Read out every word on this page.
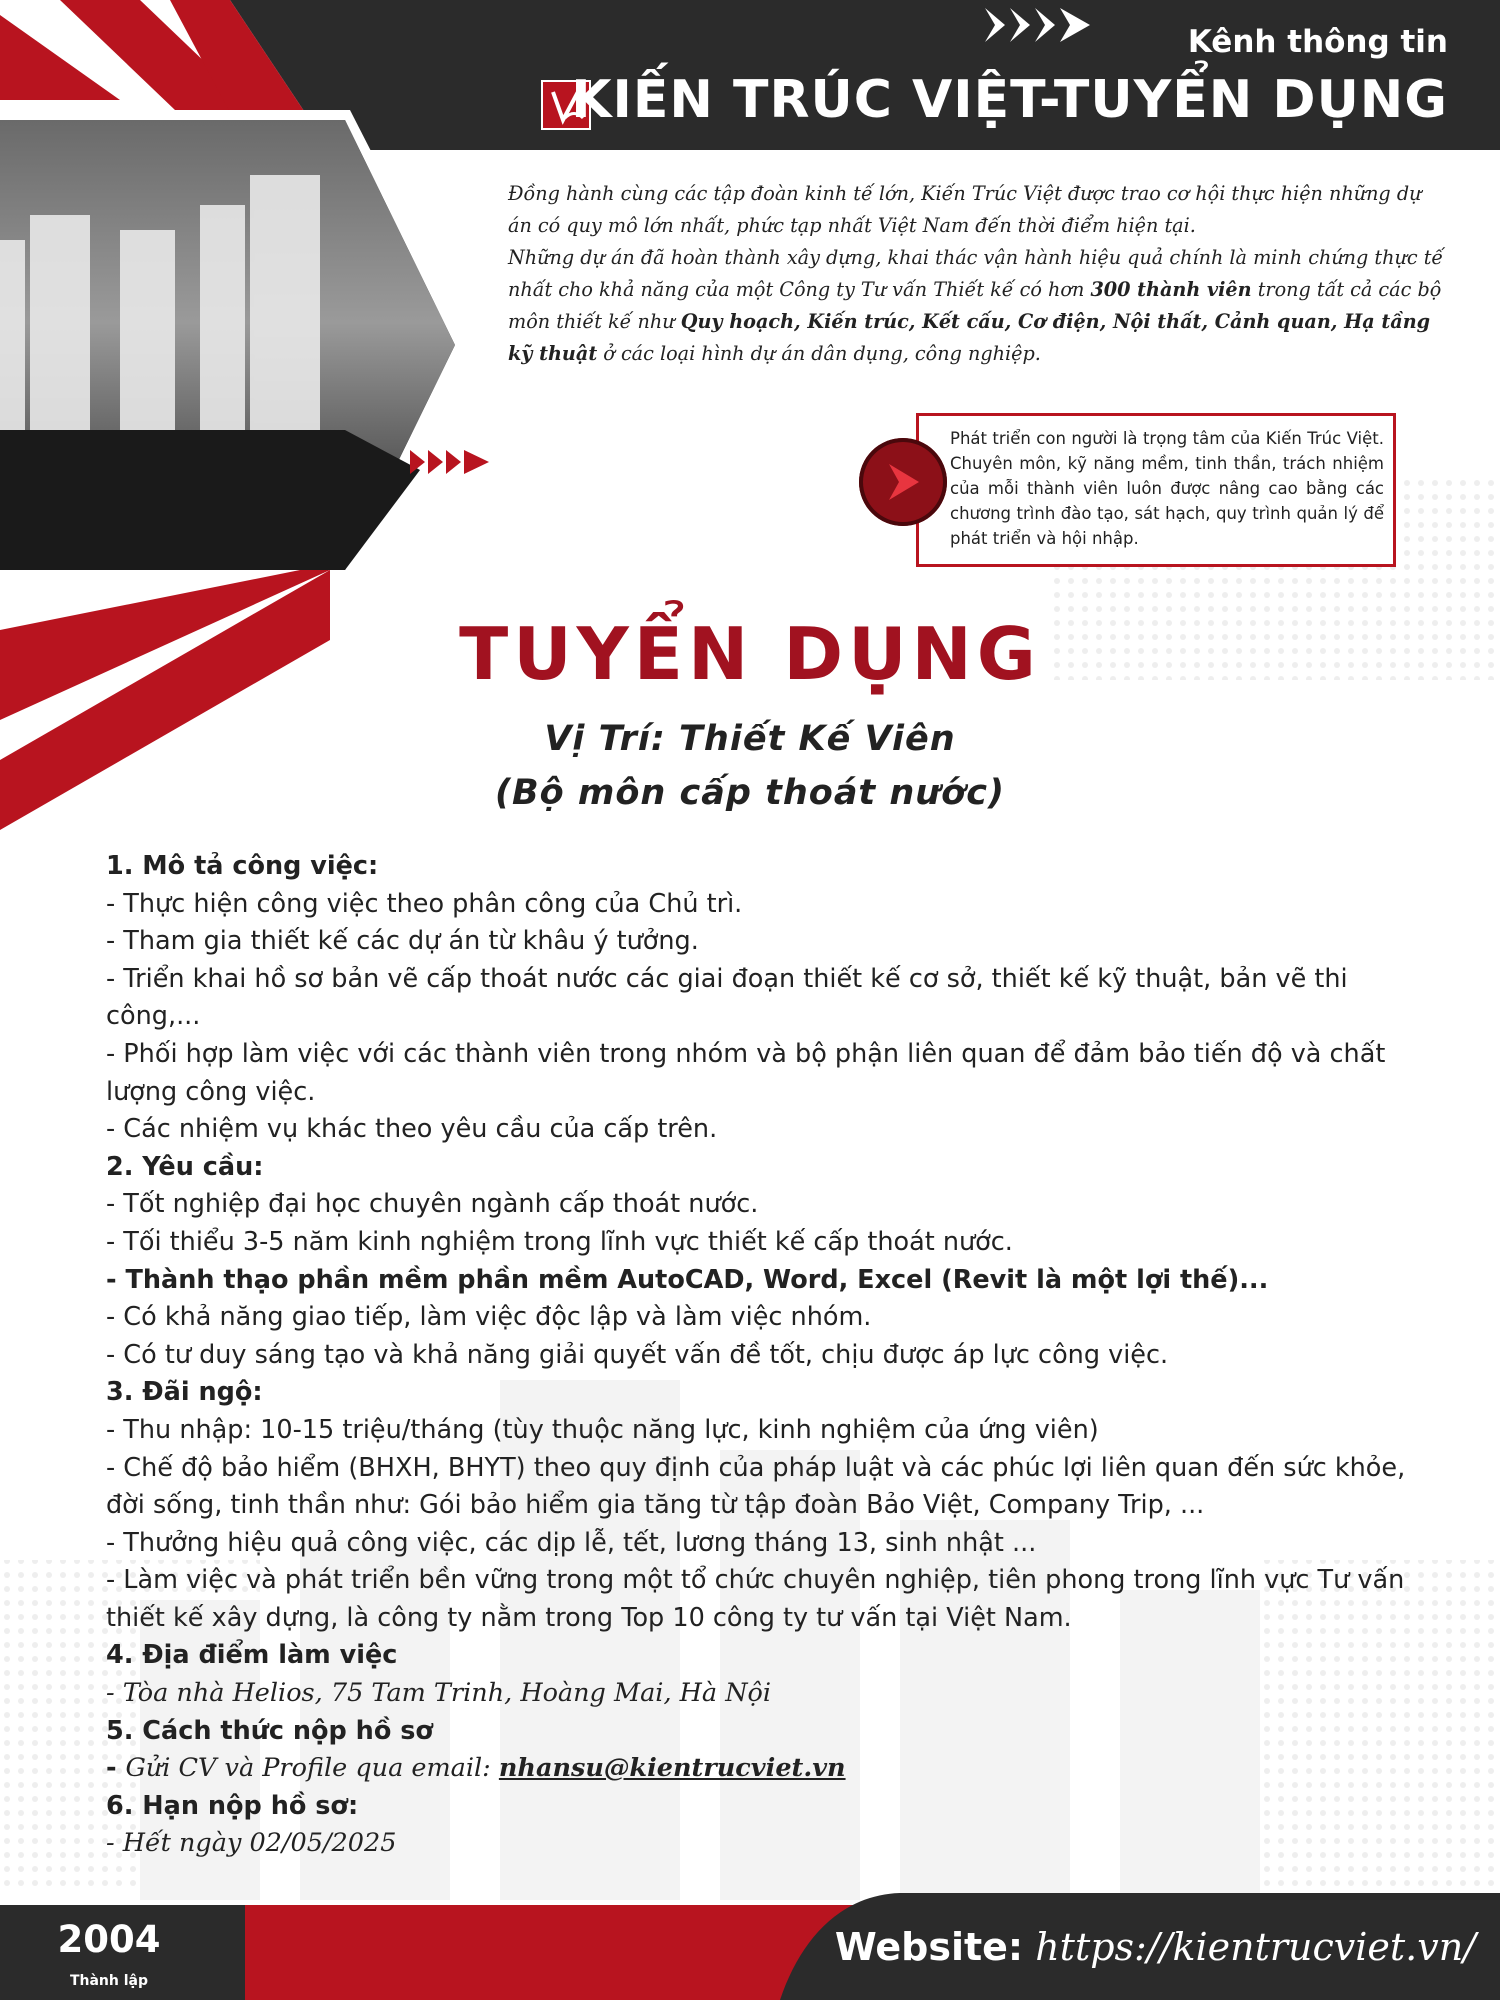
Kênh thông tin
KIẾN TRÚC VIỆT-TUYỂN DỤNG

Đồng hành cùng các tập đoàn kinh tế lớn, Kiến Trúc Việt được trao cơ hội thực hiện những dự án có quy mô lớn nhất, phức tạp nhất Việt Nam đến thời điểm hiện tại.

Những dự án đã hoàn thành xây dựng, khai thác vận hành hiệu quả chính là minh chứng thực tế nhất cho khả năng của một Công ty Tư vấn Thiết kế có hơn 300 thành viên trong tất cả các bộ môn thiết kế như Quy hoạch, Kiến trúc, Kết cấu, Cơ điện, Nội thất, Cảnh quan, Hạ tầng kỹ thuật ở các loại hình dự án dân dụng, công nghiệp.

Phát triển con người là trọng tâm của Kiến Trúc Việt. Chuyên môn, kỹ năng mềm, tinh thần, trách nhiệm của mỗi thành viên luôn được nâng cao bằng các chương trình đào tạo, sát hạch, quy trình quản lý để phát triển và hội nhập.
TUYỂN DỤNG
Vị Trí: Thiết Kế Viên
(Bộ môn cấp thoát nước)
1. Mô tả công việc:
- Thực hiện công việc theo phân công của Chủ trì.
- Tham gia thiết kế các dự án từ khâu ý tưởng.
- Triển khai hồ sơ bản vẽ cấp thoát nước các giai đoạn thiết kế cơ sở, thiết kế kỹ thuật, bản vẽ thi công,...
- Phối hợp làm việc với các thành viên trong nhóm và bộ phận liên quan để đảm bảo tiến độ và chất lượng công việc.
- Các nhiệm vụ khác theo yêu cầu của cấp trên.
2. Yêu cầu:
- Tốt nghiệp đại học chuyên ngành cấp thoát nước.
- Tối thiểu 3-5 năm kinh nghiệm trong lĩnh vực thiết kế cấp thoát nước.
- Thành thạo phần mềm phần mềm AutoCAD, Word, Excel (Revit là một lợi thế)...
- Có khả năng giao tiếp, làm việc độc lập và làm việc nhóm.
- Có tư duy sáng tạo và khả năng giải quyết vấn đề tốt, chịu được áp lực công việc.
3. Đãi ngộ:
- Thu nhập: 10-15 triệu/tháng (tùy thuộc năng lực, kinh nghiệm của ứng viên)
- Chế độ bảo hiểm (BHXH, BHYT) theo quy định của pháp luật và các phúc lợi liên quan đến sức khỏe, đời sống, tinh thần như: Gói bảo hiểm gia tăng từ tập đoàn Bảo Việt, Company Trip, ...
- Thưởng hiệu quả công việc, các dịp lễ, tết, lương tháng 13, sinh nhật ...
- Làm việc và phát triển bền vững trong một tổ chức chuyên nghiệp, tiên phong trong lĩnh vực Tư vấn thiết kế xây dựng, là công ty nằm trong Top 10 công ty tư vấn tại Việt Nam.
4. Địa điểm làm việc
- Tòa nhà Helios, 75 Tam Trinh, Hoàng Mai, Hà Nội
5. Cách thức nộp hồ sơ
- Gửi CV và Profile qua email: nhansu@kientrucviet.vn
6. Hạn nộp hồ sơ:
- Hết ngày 02/05/2025
2004
Thành lập
Website: https://kientrucviet.vn/
